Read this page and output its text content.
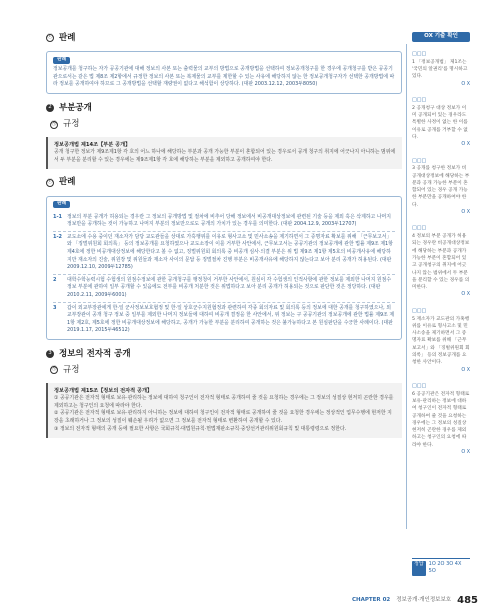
ⓒ 판례
판례
정보공개를 청구하는 자가 공공기관에 대해 정보의 사본 또는 출력물의 교부의 방법으로 공개방법을 선택하여 정보공개청구를 한 경우에 공개청구를 받은 공공기관으로서는 같은 법 제8조 제2항에서 규정한 정보의 사본 또는 복제물의 교부를 제한할 수 있는 사유에 해당하지 않는 한 정보공개청구자가 선택한 공개방법에 따라 정보를 공개하여야 하므로 그 공개방법을 선택할 재량권이 없다고 해석함이 상당하다. (대판 2003.12.12, 2003두8050)
2 부분공개
㉮ 규정
정보공개법 제14조【부분 공개】
공개 청구한 정보가 제9조제1항 각 호의 어느 하나에 해당하는 부분과 공개 가능한 부분이 혼합되어 있는 경우로서 공개 청구의 취지에 어긋나지 아니하는 범위에서 두 부분을 분리할 수 있는 경우에는 제9조제1항 각 호에 해당하는 부분을 제외하고 공개하여야 한다.
ⓒ 판례
판례
1-1	정보의 부분 공개가 허용되는 경우란 그 정보의 공개방법 및 절차에 비추어 당해 정보에서 비공개대상정보에 관련된 기술 등을 제외 혹은 삭제하고 나머지 정보만을 공개하는 것이 가능하고 나머지 부분의 정보만으로도 공개의 가치가 있는 경우를 의미한다. (대판 2004.12.9, 2003두12707)
1-2	교도소에 수용 중이던 재소자가 담당 교도관들을 상대로 가혹행위를 이유로 형사고소 및 민사소송을 제기하면서 그 증명자료 확보를 위해 「근무보고서」와 「징벌위원회 회의록」 등의 정보공개를 요청하였으나 교도소장이 이를 거부한 사안에서, 근무보고서는 공공기관의 정보공개에 관한 법률 제9조 제1항 제4호에 정한 비공개대상정보에 해당한다고 볼 수 없고, 징벌위원회 회의록 중 비공개 심사·의결 부분은 위 법 제9조 제1항 제5호의 비공개사유에 해당하지만 재소자의 진술, 위원장 및 위원들과 재소자 사이의 문답 등 징벌절차 진행 부분은 비공개사유에 해당하지 않는다고 보아 분리 공개가 허용된다. (대판 2009.12.10, 2009두12785)
2	대학수학능력시험 수험생의 원점수정보에 관한 공개청구를 행정청이 거부한 사안에서, 원심이 각 수험생의 인적사항에 관한 정보를 제외한 나머지 원점수정보 부분에 관하여 일부 공개할 수 있음에도 전부를 비공개 처분한 것은 위법하다고 보아 분리 공개가 허용되는 것으로 판단한 것은 정당하다. (대판 2010.2.11, 2009두6001)
3	갑이 외교부장관에게 한·일 군사정보보호협정 및 한·일 상호군수지원협정과 관련하여 각종 회의자료 및 회의록 등의 정보에 대한 공개를 청구하였으나, 외교부장관이 공개 청구 정보 중 일부를 제외한 나머지 정보들에 대하여 비공개 결정을 한 사안에서, 위 정보는 구 공공기관의 정보공개에 관한 법률 제9조 제1항 제2호, 제5호에 정한 비공개대상정보에 해당하고, 공개가 가능한 부분을 분리하여 공개하는 것은 불가능하다고 본 원심판단을 수긍한 사례이다. (대판 2019.1.17, 2015두46512)
3 정보의 전자적 공개
㉮ 규정
정보공개법 제15조【정보의 전자적 공개】
① 공공기관은 전자적 형태로 보유·관리하는 정보에 대하여 청구인이 전자적 형태로 공개하여 줄 것을 요청하는 경우에는 그 정보의 성질상 현저히 곤란한 경우를 제외하고는 청구인의 요청에 따라야 한다.
② 공공기관은 전자적 형태로 보유·관리하지 아니하는 정보에 대하여 청구인이 전자적 형태로 공개하여 줄 것을 요청한 경우에는 정상적인 업무수행에 현저한 지장을 초래하거나 그 정보의 성질이 훼손될 우려가 없으면 그 정보를 전자적 형태로 변환하여 공개할 수 있다.
③ 정보의 전자적 형태의 공개 등에 필요한 사항은 국회규칙·대법원규칙·헌법재판소규칙·중앙선거관리위원회규칙 및 대통령령으로 정한다.
OX 기출 확인
□□□
1 「정보공개법」 제1조는 '국민의 알권리'를 명시하고 있다.
O X
□□□
2 공개청구 대상 정보가 이미 공개되어 있는 경우라도 특별한 사정이 없는 한 이를 이유로 공개를 거부할 수 없다.
O X
□□□
3 공개를 청구한 정보가 비공개대상정보에 해당하는 부분과 공개 가능한 부분이 혼합되어 있는 경우 공개 가능한 부분만을 공개하여야 한다.
O X
□□□
4 정보의 부분 공개가 허용되는 경우란 비공개대상정보에 해당하는 부분과 공개가 가능한 부분이 혼합되어 있고 공개청구의 취지에 어긋나지 않는 범위에서 두 부분을 분리할 수 있는 경우를 의미한다.
O X
□□□
5 재소자가 교도관의 가혹행위를 이유로 형사고소 및 민사소송을 제기하면서 그 증명자료 확보를 위해 「근무보고서」와 「징벌위원회 회의록」 등의 정보공개를 요청한 사안이다.
O X
□□□
6 공공기관은 전자적 형태로 보유·관리하는 정보에 대하여 청구인이 전자적 형태로 공개하여 줄 것을 요청하는 경우에는 그 정보의 성질상 현저히 곤란한 경우를 제외하고는 청구인의 요청에 따라야 한다.
O X
정답 1O 2O 3O 4X 5O
CHAPTER 02 정보공개·개인정보보호 485
